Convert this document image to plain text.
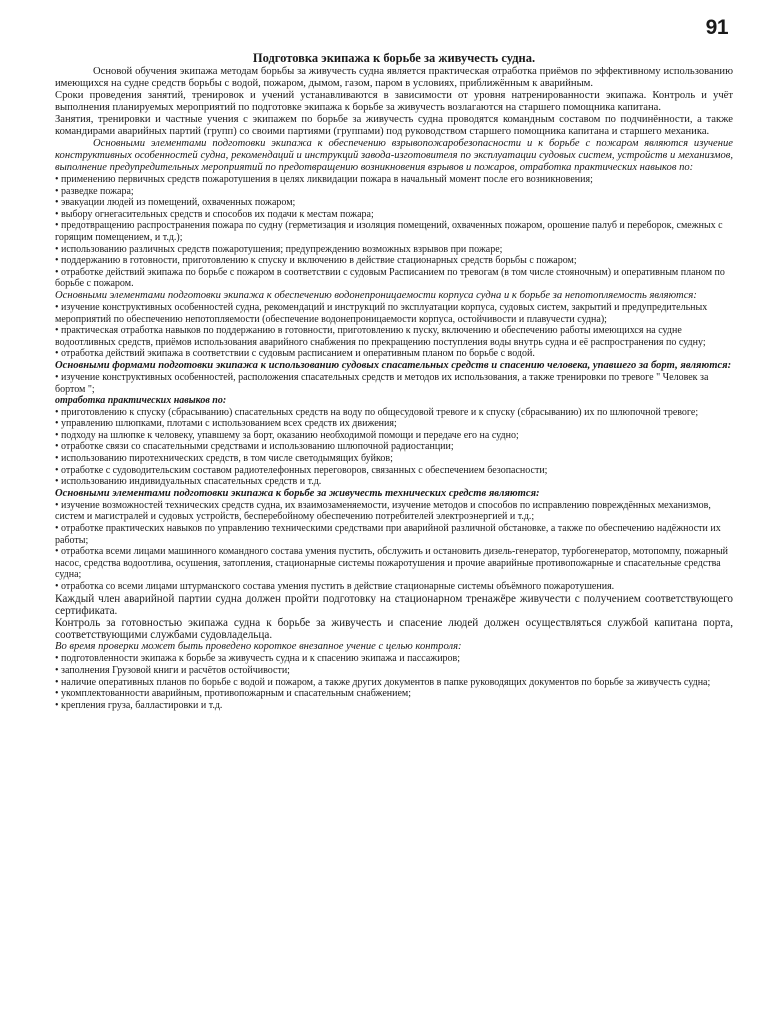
91
Подготовка экипажа к борьбе за живучесть судна.

Основой обучения экипажа методам борьбы за живучесть судна является практическая отработка приёмов по эффективному использованию имеющихся на судне средств борьбы с водой, пожаром, дымом, газом, паром в условиях, приближённым к аварийным.

Сроки проведения занятий, тренировок и учений устанавливаются в зависимости от уровня натренированности экипажа. Контроль и учёт выполнения планируемых мероприятий по подготовке экипажа к борьбе за живучесть возлагаются на старшего помощника капитана.

Занятия, тренировки и частные учения с экипажем по борьбе за живучесть судна проводятся командным составом по подчинённости, а также командирами аварийных партий (групп) со своими партиями (группами) под руководством старшего помощника капитана и старшего механика.

Основными элементами подготовки экипажа к обеспечению взрывопожаробезопасности и к борьбе с пожаром являются изучение конструктивных особенностей судна, рекомендаций и инструкций завода-изготовителя по эксплуатации судовых систем, устройств и механизмов, выполнение предупредительных мероприятий по предотвращению возникновения взрывов и пожаров, отработка практических навыков по:

• применению первичных средств пожаротушения в целях ликвидации пожара в начальный момент после его возникновения;

• разведке пожара;

• эвакуации людей из помещений, охваченных пожаром;

• выбору огнегасительных средств и способов их подачи к местам пожара;

• предотвращению распространения пожара по судну (герметизация и изоляция помещений, охваченных пожаром, орошение палуб и переборок, смежных с горящим помещением, и т.д.);

• использованию различных средств пожаротушения; предупреждению возможных взрывов при пожаре;

• поддержанию в готовности, приготовлению к спуску и включению в действие стационарных средств борьбы с пожаром;

• отработке действий экипажа по борьбе с пожаром в соответствии с судовым Расписанием по тревогам (в том числе стояночным) и оперативным планом по борьбе с пожаром.

Основными элементами подготовки экипажа к обеспечению водонепроницаемости корпуса судна и к борьбе за непотопляемость являются:

• изучение конструктивных особенностей судна, рекомендаций и инструкций по эксплуатации корпуса, судовых систем, закрытий и предупредительных мероприятий по обеспечению непотопляемости (обеспечение водонепроницаемости корпуса, остойчивости и плавучести судна);

• практическая отработка навыков по поддержанию в готовности, приготовлению к пуску, включению и обеспечению работы имеющихся на судне водоотливных средств, приёмов использования аварийного снабжения по прекращению поступления воды внутрь судна и её распространения по судну;

• отработка действий экипажа в соответствии с судовым расписанием и оперативным планом по борьбе с водой.

Основными формами подготовки экипажа к использованию судовых спасательных средств и спасению человека, упавшего за борт, являются:

• изучение конструктивных особенностей, расположения спасательных средств и методов их использования, а также тренировки по тревоге " Человек за бортом ";

отработка практических навыков по:

• приготовлению к спуску (сбрасыванию) спасательных средств на воду по общесудовой тревоге и к спуску (сбрасыванию) их по шлюпочной тревоге;

• управлению шлюпками, плотами с использованием всех средств их движения;

• подходу на шлюпке к человеку, упавшему за борт, оказанию необходимой помощи и передаче его на судно;

• отработке связи со спасательными средствами и использованию шлюпочной радиостанции;

• использованию пиротехнических средств, в том числе светодымящих буйков;

• отработке с судоводительским составом радиотелефонных переговоров, связанных с обеспечением безопасности;

• использованию индивидуальных спасательных средств и т.д.

Основными элементами подготовки экипажа к борьбе за живучесть технических средств являются:

• изучение возможностей технических средств судна, их взаимозаменяемости, изучение методов и способов по исправлению повреждённых механизмов, систем и магистралей и судовых устройств, бесперебойному обеспечению потребителей электроэнергией и т.д.;

• отработке практических навыков по управлению техническими средствами при аварийной различной обстановке, а также по обеспечению надёжности их работы;

• отработка всеми лицами машинного командного состава умения пустить, обслужить и остановить дизель-генератор, турбогенератор, мотопомпу, пожарный насос, средства водоотлива, осушения, затопления, стационарные системы пожаротушения и прочие аварийные противопожарные и спасательные средства судна;

• отработка со всеми лицами штурманского состава умения пустить в действие стационарные системы объёмного пожаротушения.

Каждый член аварийной партии судна должен пройти подготовку на стационарном тренажёре живучести с получением соответствующего сертификата.

Контроль за готовностью экипажа судна к борьбе за живучесть и спасение людей должен осуществляться службой капитана порта, соответствующими службами судовладельца.

Во время проверки может быть проведено короткое внезапное учение с целью контроля:

• подготовленности экипажа к борьбе за живучесть судна и к спасению экипажа и пассажиров;

• заполнения Грузовой книги и расчётов остойчивости;

• наличие оперативных планов по борьбе с водой и пожаром, а также других документов в папке руководящих документов по борьбе за живучесть судна;

• укомплектованности аварийным, противопожарным и спасательным снабжением;

• крепления груза, балластировки и т.д.
